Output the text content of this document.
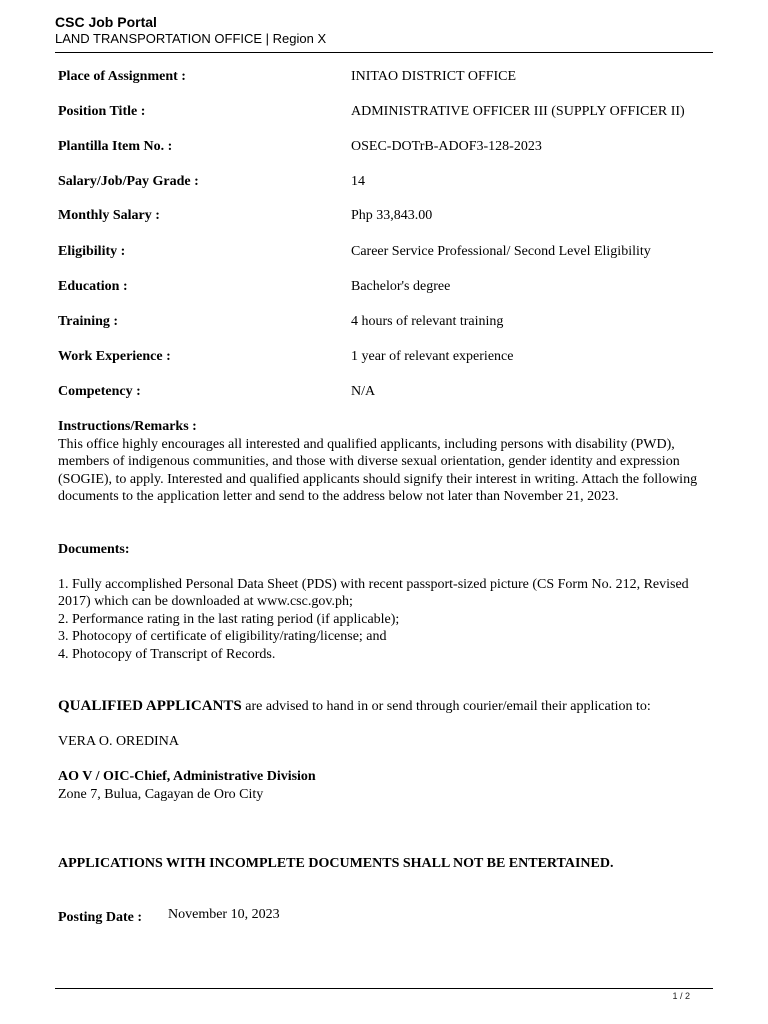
CSC Job Portal
LAND TRANSPORTATION OFFICE | Region X
Place of Assignment :	INITAO DISTRICT OFFICE
Position Title :	ADMINISTRATIVE OFFICER III (SUPPLY OFFICER II)
Plantilla Item No. :	OSEC-DOTrB-ADOF3-128-2023
Salary/Job/Pay Grade :	14
Monthly Salary :	Php 33,843.00
Eligibility :	Career Service Professional/ Second Level Eligibility
Education :	Bachelor's degree
Training :	4 hours of relevant training
Work Experience :	1 year of relevant experience
Competency :	N/A
Instructions/Remarks :

This office highly encourages all interested and qualified applicants, including persons with disability (PWD), members of indigenous communities, and those with diverse sexual orientation, gender identity and expression (SOGIE), to apply. Interested and qualified applicants should signify their interest in writing. Attach the following documents to the application letter and send to the address below not later than November 21, 2023.

Documents:
1. Fully accomplished Personal Data Sheet (PDS) with recent passport-sized picture (CS Form No. 212, Revised 2017) which can be downloaded at www.csc.gov.ph;
2. Performance rating in the last rating period (if applicable);
3. Photocopy of certificate of eligibility/rating/license; and
4. Photocopy of Transcript of Records.
QUALIFIED APPLICANTS are advised to hand in or send through courier/email their application to:
VERA O. OREDINA
AO V / OIC-Chief, Administrative Division
Zone 7, Bulua, Cagayan de Oro City
APPLICATIONS WITH INCOMPLETE DOCUMENTS SHALL NOT BE ENTERTAINED.
Posting Date : November 10, 2023
1 / 2
